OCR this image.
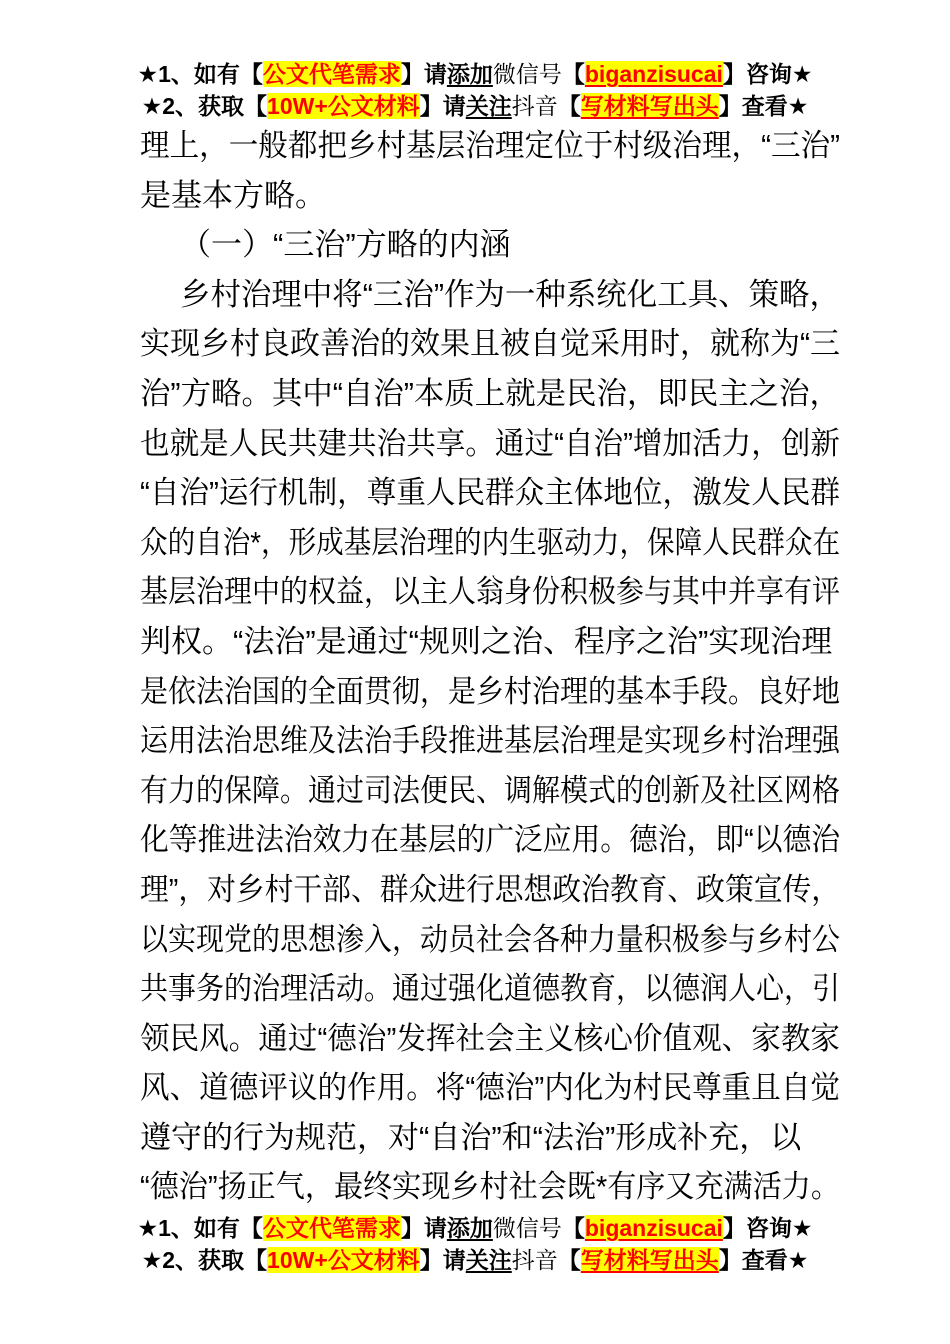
★1、如有【公文代笔需求】请添加微信号【biganzisucai】咨询★
★2、获取【10W+公文材料】请关注抖音【写材料写出头】查看★
理上，一般都把乡村基层治理定位于村级治理，“三治”
是基本方略。
（一）“三治”方略的内涵
乡村治理中将“三治”作为一种系统化工具、策略，
实现乡村良政善治的效果且被自觉采用时，就称为“三
治”方略。其中“自治”本质上就是民治，即民主之治，
也就是人民共建共治共享。通过“自治”增加活力，创新
“自治”运行机制，尊重人民群众主体地位，激发人民群
众的自治*，形成基层治理的内生驱动力，保障人民群众在
基层治理中的权益，以主人翁身份积极参与其中并享有评
判权。“法治”是通过“规则之治、程序之治”实现治理
是依法治国的全面贯彻，是乡村治理的基本手段。良好地
运用法治思维及法治手段推进基层治理是实现乡村治理强
有力的保障。通过司法便民、调解模式的创新及社区网格
化等推进法治效力在基层的广泛应用。德治，即“以德治
理”，对乡村干部、群众进行思想政治教育、政策宣传，
以实现党的思想渗入，动员社会各种力量积极参与乡村公
共事务的治理活动。通过强化道德教育，以德润人心，引
领民风。通过“德治”发挥社会主义核心价值观、家教家
风、道德评议的作用。将“德治”内化为村民尊重且自觉
遵守的行为规范，对“自治”和“法治”形成补充，以
“德治”扬正气，最终实现乡村社会既*有序又充满活力。
★1、如有【公文代笔需求】请添加微信号【biganzisucai】咨询★
★2、获取【10W+公文材料】请关注抖音【写材料写出头】查看★
